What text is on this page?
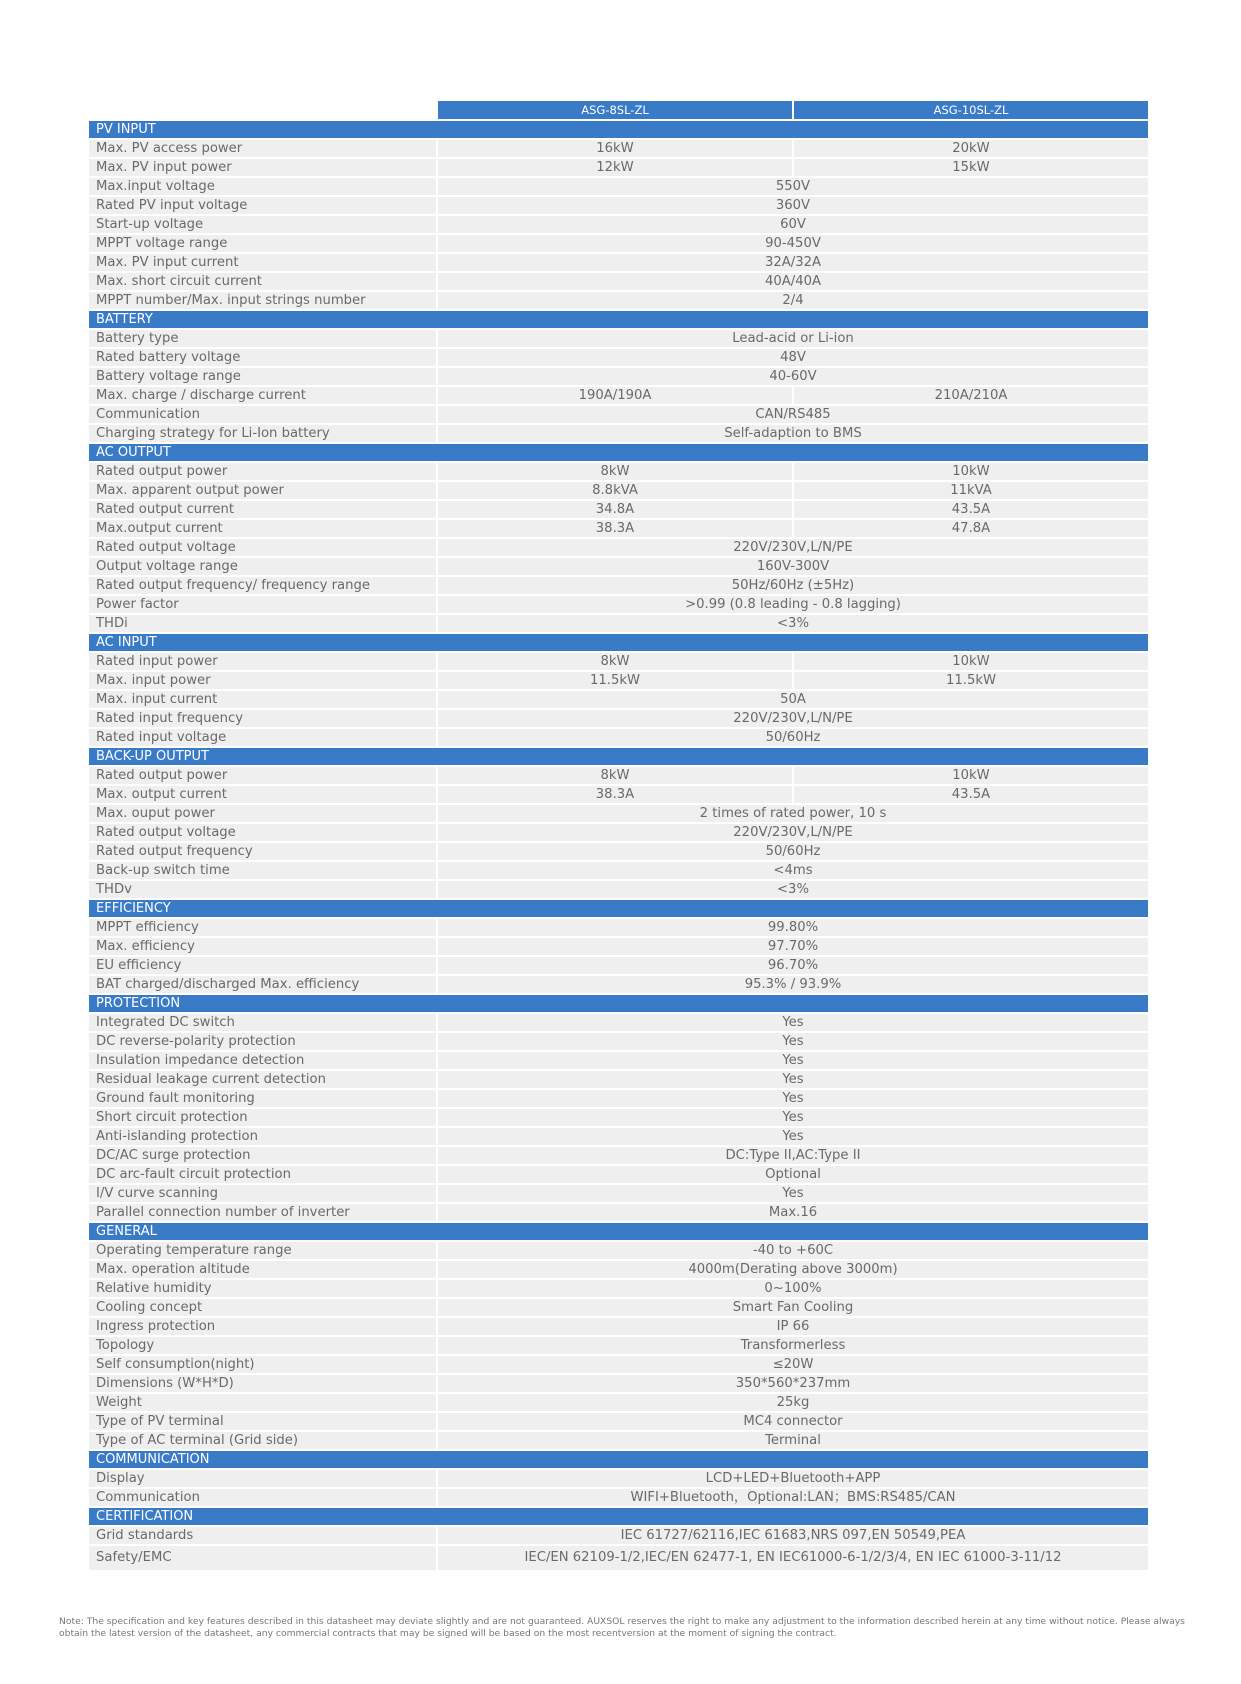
ASG-8SL-ZL	ASG-10SL-ZL
PV INPUT
Max. PV access power	16kW	20kW
Max. PV input power	12kW	15kW
Max.input voltage	550V
Rated PV input voltage	360V
Start-up voltage	60V
MPPT voltage range	90-450V
Max. PV input current	32A/32A
Max. short circuit current	40A/40A
MPPT number/Max. input strings number	2/4
BATTERY
Battery type	Lead-acid or Li-ion
Rated battery voltage	48V
Battery voltage range	40-60V
Max. charge / discharge current	190A/190A	210A/210A
Communication	CAN/RS485
Charging strategy for Li-Ion battery	Self-adaption to BMS
AC OUTPUT
Rated output power	8kW	10kW
Max. apparent output power	8.8kVA	11kVA
Rated output current	34.8A	43.5A
Max.output current	38.3A	47.8A
Rated output voltage	220V/230V,L/N/PE
Output voltage range	160V-300V
Rated output frequency/ frequency range	50Hz/60Hz (±5Hz)
Power factor	>0.99 (0.8 leading - 0.8 lagging)
THDi	<3%
AC INPUT
Rated input power	8kW	10kW
Max. input power	11.5kW	11.5kW
Max. input current	50A
Rated input frequency	220V/230V,L/N/PE
Rated input voltage	50/60Hz
BACK-UP OUTPUT
Rated output power	8kW	10kW
Max. output current	38.3A	43.5A
Max. ouput power	2 times of rated power, 10 s
Rated output voltage	220V/230V,L/N/PE
Rated output frequency	50/60Hz
Back-up switch time	<4ms
THDv	<3%
EFFICIENCY
MPPT efficiency	99.80%
Max. efficiency	97.70%
EU efficiency	96.70%
BAT charged/discharged Max. efficiency	95.3% / 93.9%
PROTECTION
Integrated DC switch	Yes
DC reverse-polarity protection	Yes
Insulation impedance detection	Yes
Residual leakage current detection	Yes
Ground fault monitoring	Yes
Short circuit protection	Yes
Anti-islanding protection	Yes
DC/AC surge protection	DC:Type II,AC:Type II
DC arc-fault circuit protection	Optional
I/V curve scanning	Yes
Parallel connection number of inverter	Max.16
GENERAL
Operating temperature range	-40 to +60C
Max. operation altitude	4000m(Derating above 3000m)
Relative humidity	0~100%
Cooling concept	Smart Fan Cooling
Ingress protection	IP 66
Topology	Transformerless
Self consumption(night)	≤20W
Dimensions (W*H*D)	350*560*237mm
Weight	25kg
Type of PV terminal	MC4 connector
Type of AC terminal (Grid side)	Terminal
COMMUNICATION
Display	LCD+LED+Bluetooth+APP
Communication	WIFI+Bluetooth，Optional:LAN；BMS:RS485/CAN
CERTIFICATION
Grid standards	IEC 61727/62116,IEC 61683,NRS 097,EN 50549,PEA
Safety/EMC	IEC/EN 62109-1/2,IEC/EN 62477-1, EN IEC61000-6-1/2/3/4, EN IEC 61000-3-11/12
Note: The specification and key features described in this datasheet may deviate slightly and are not guaranteed. AUXSOL reserves the right to make any adjustment to the information described herein at any time without notice. Please always obtain the latest version of the datasheet, any commercial contracts that may be signed will be based on the most recentversion at the moment of signing the contract.
